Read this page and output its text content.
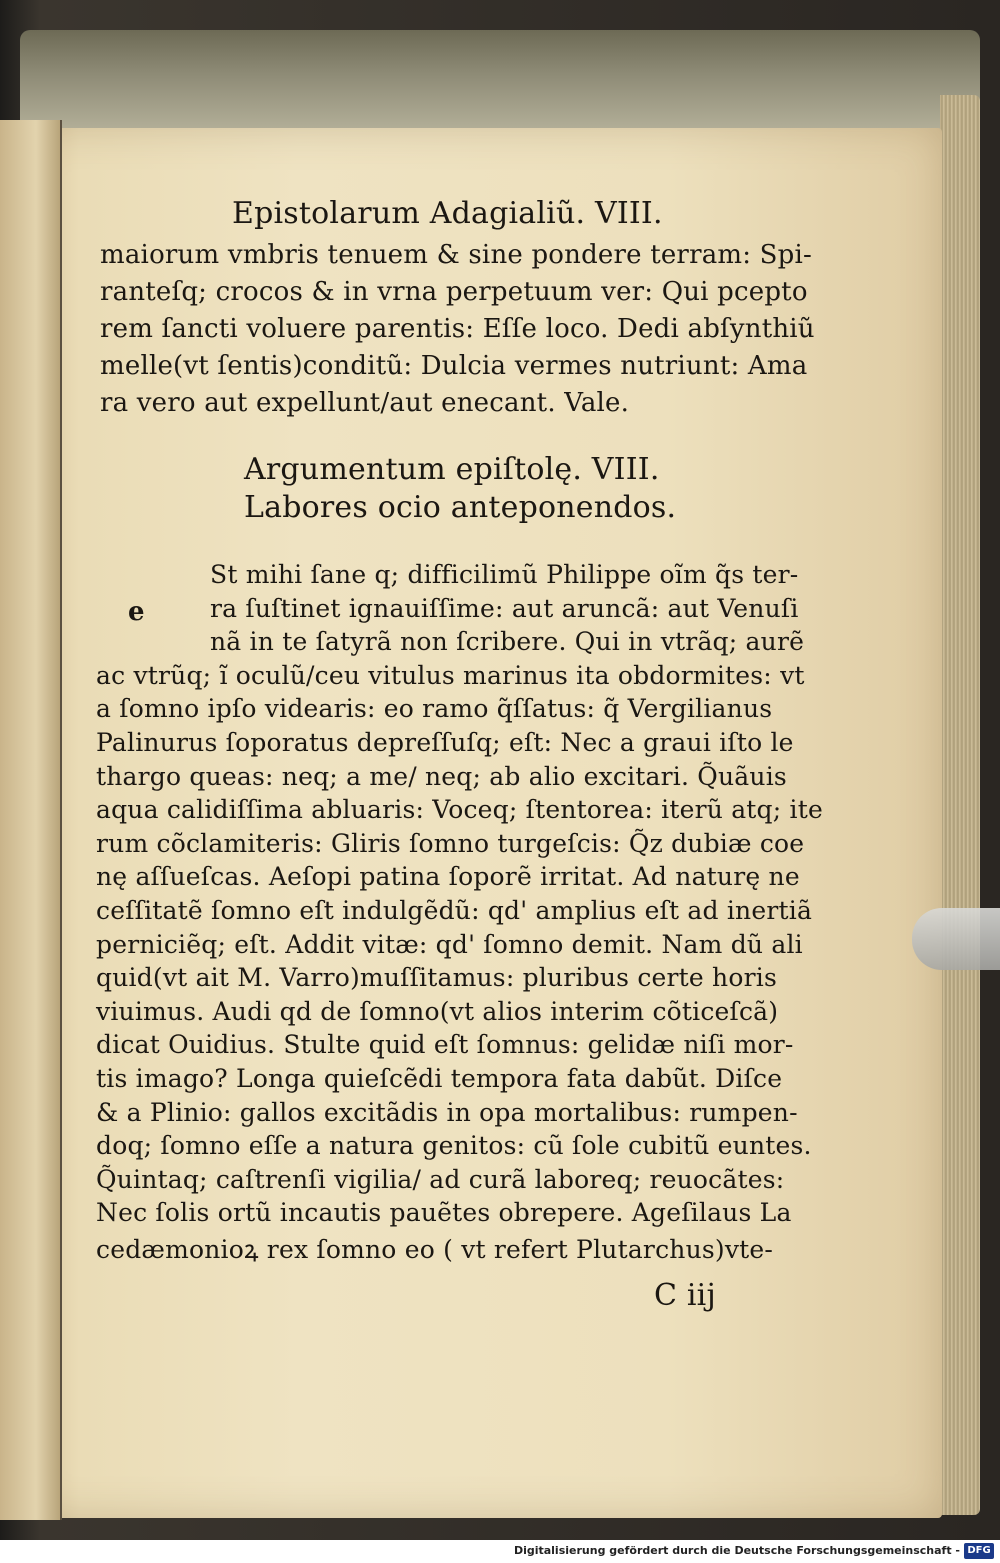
Epistolarum Adagialiũ. VIII.
maiorum vmbris tenuem & sine pondere terram: Spi-
ranteſq; crocos & in vrna perpetuum ver: Qui pcepto
rem ſancti voluere parentis: Eſſe loco. Dedi abſynthiũ
melle(vt ſentis)conditũ: Dulcia vermes nutriunt: Ama
ra vero aut expellunt/aut enecant. Vale.
Argumentum epiſtolę. VIII.
Labores ocio anteponendos.
e
St mihi ſane q; difficilimũ Philippe oĩm q̃s ter-
ra ſuſtinet ignauiſſime: aut aruncã: aut Venuſi
nã in te ſatyrã non ſcribere. Qui in vtrãq; aurẽ
ac vtrũq; ĩ oculũ/ceu vitulus marinus ita obdormites: vt
a ſomno ipſo videaris: eo ramo q̃ſſatus: q̃ Vergilianus
Palinurus ſoporatus depreſſuſq; eſt: Nec a graui iſto le
thargo queas: neq; a me/ neq; ab alio excitari. Q̃uãuis
aqua calidiſſima abluaris: Voceq; ſtentorea: iterũ atq; ite
rum cõclamiteris: Gliris ſomno turgeſcis: Q̃z dubiæ coe
nę aſſueſcas. Aeſopi patina ſoporẽ irritat. Ad naturę ne
ceſſitatẽ ſomno eſt indulgẽdũ: qd' amplius eſt ad inertiã
perniciẽq; eſt. Addit vitæ: qd' ſomno demit. Nam dũ ali
quid(vt ait M. Varro)muſſitamus: pluribus certe horis
viuimus. Audi qd de ſomno(vt alios interim cõticeſcã)
dicat Ouidius. Stulte quid eſt ſomnus: gelidæ niſi mor-
tis imago? Longa quieſcẽdi tempora fata dabũt. Diſce
& a Plinio: gallos excitãdis in opa mortalibus: rumpen-
doq; ſomno eſſe a natura genitos: cũ ſole cubitũ euntes.
Q̃uintaq; caſtrenſi vigilia/ ad curã laboreq; reuocãtes:
Nec ſolis ortũ incautis pauẽtes obrepere. Ageſilaus La
cedæmonioꝝ rex ſomno eo ( vt refert Plutarchus)vte-
C iij
Digitalisierung gefördert durch die Deutsche Forschungsgemeinschaft - DFG
